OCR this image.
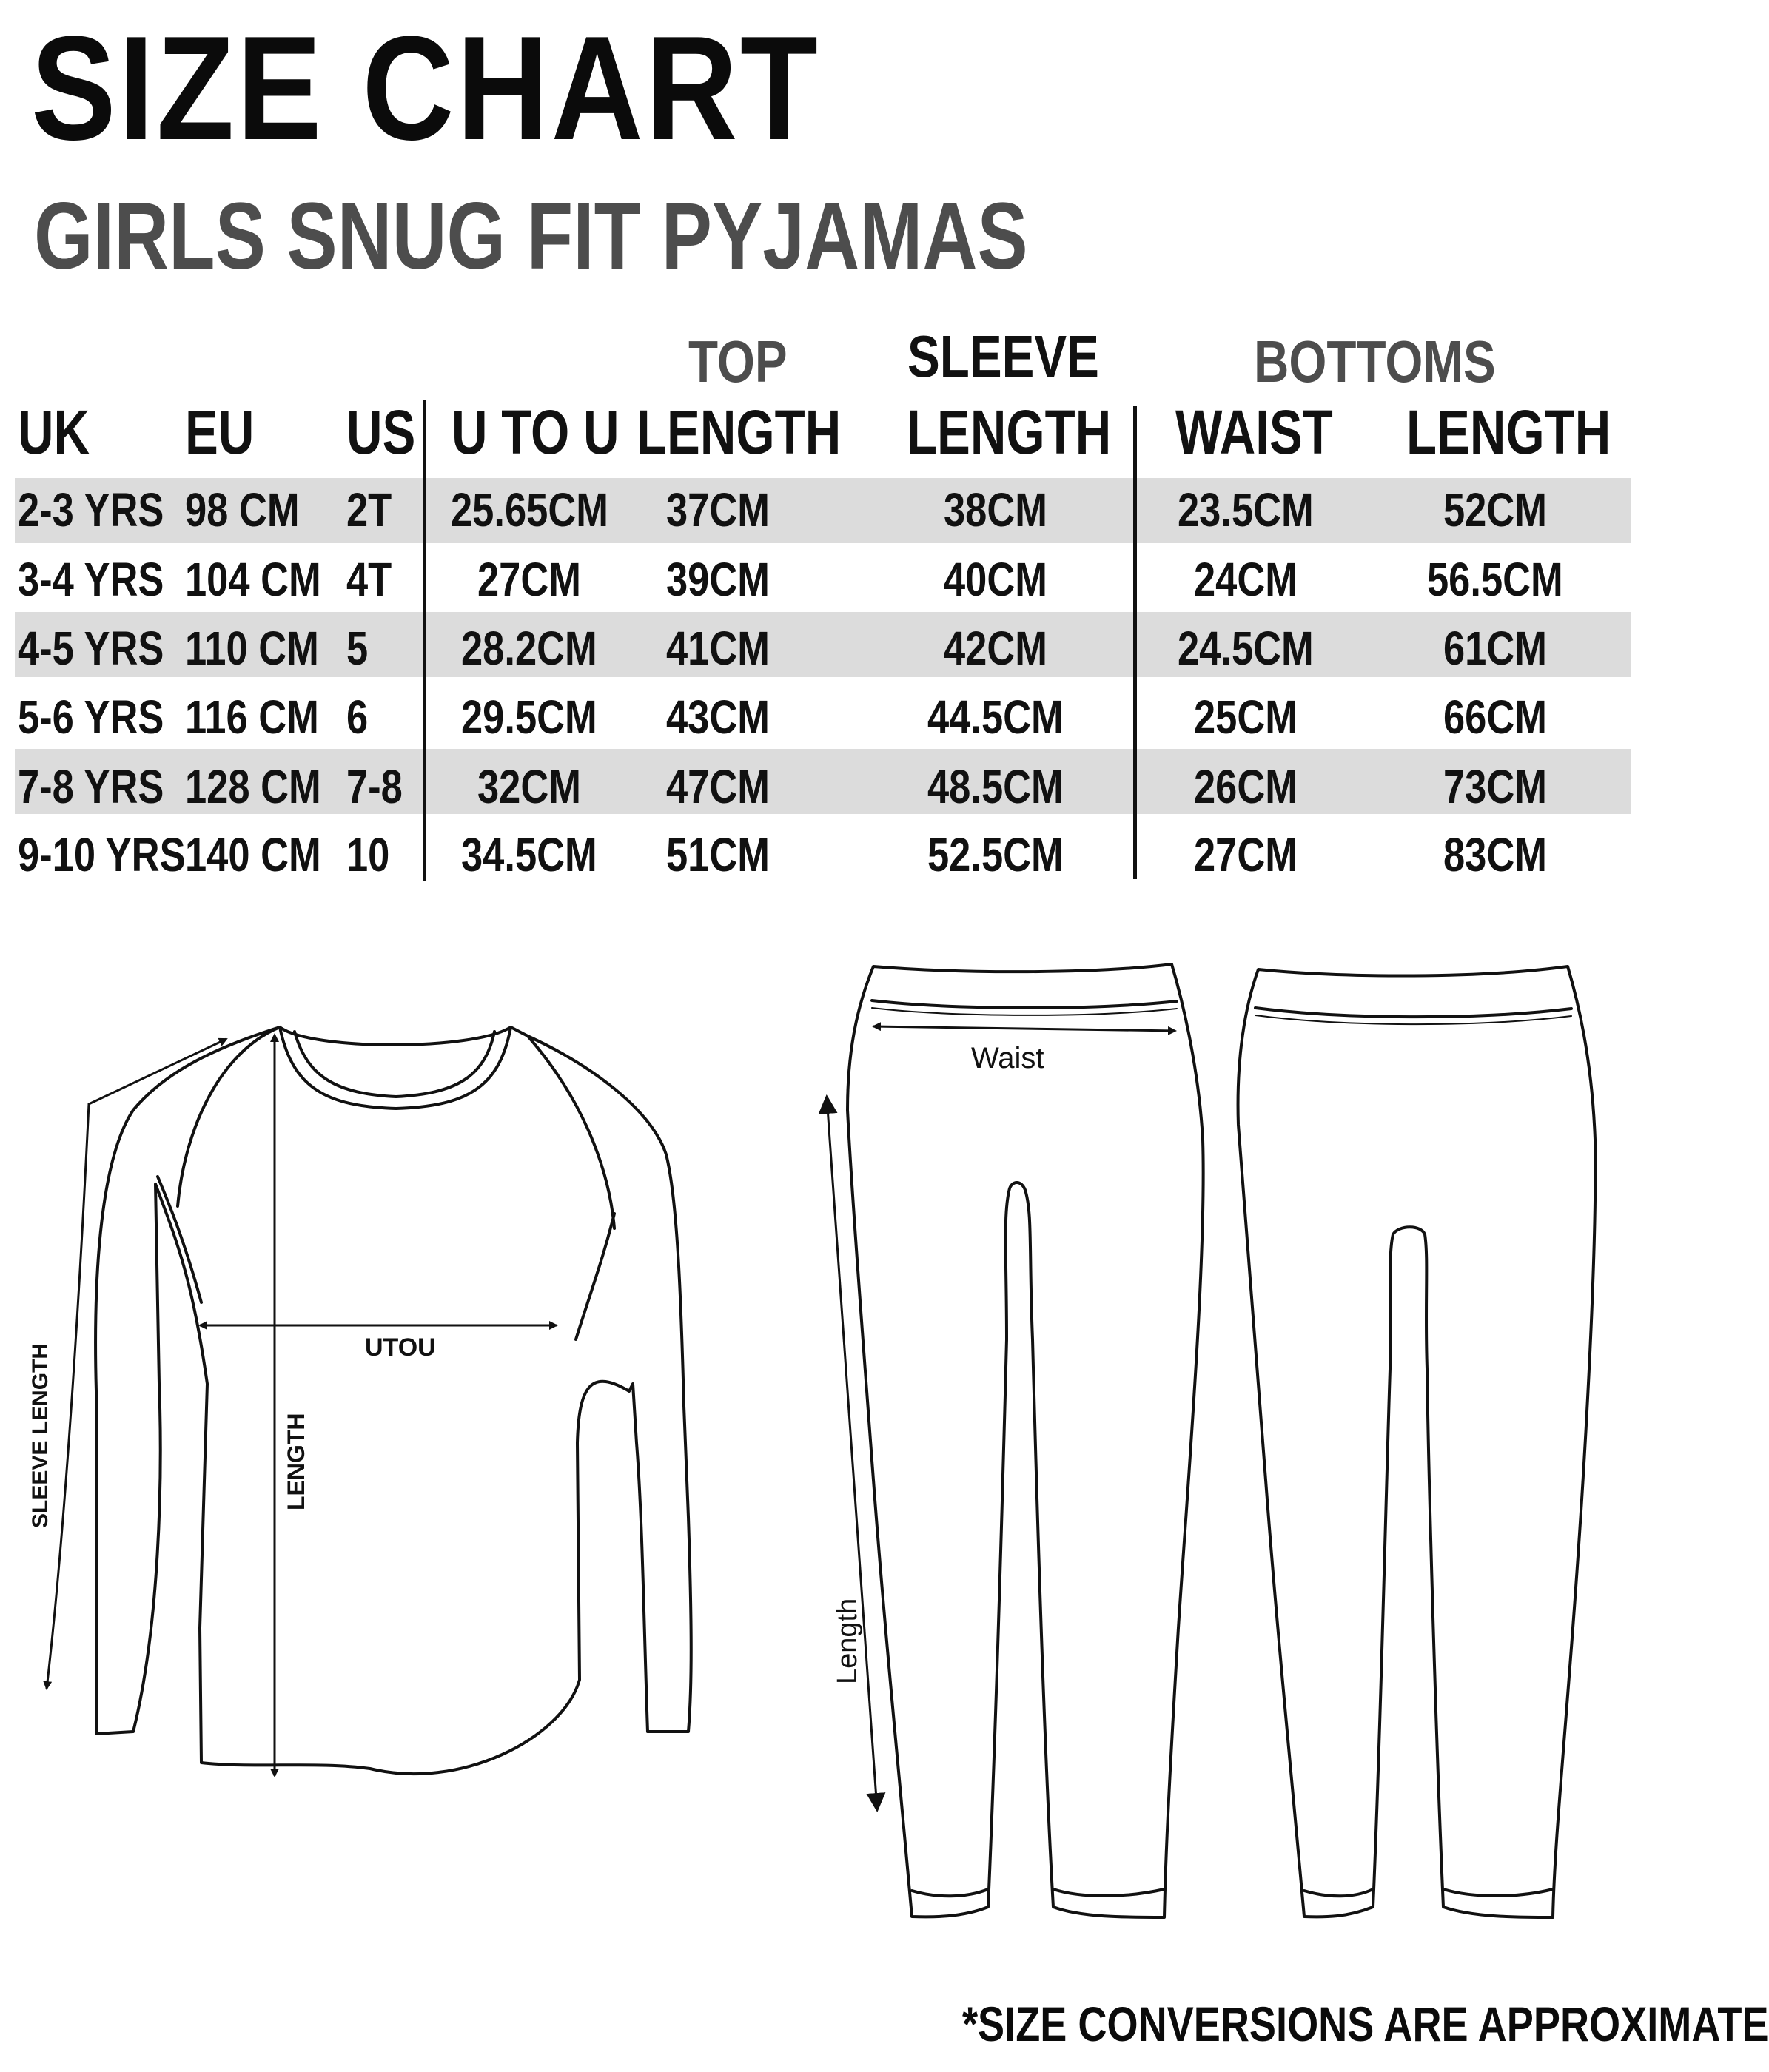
SIZE CHART
GIRLS SNUG FIT PYJAMAS
TOP SLEEVE	BOTTOMS
UK EU US U TO U LENGTH LENGTH WAIST LENGTH
2-3 YRS 98 CM 2T 25.65CM 37CM	38CM	23.5CM	52CM
3-4 YRS 104 CM 4T 27CM 39CM	40CM	24CM	56.5CM
4-5 YRS 110 CM 5 28.2CM 41CM	42CM	24.5CM	61CM
5-6 YRS 116 CM 6 29.5CM 43CM	44.5CM	25CM	66CM
7-8 YRS 128 CM 7-8 32CM 47CM	48.5CM	26CM	73CM
9-10 YRS 140 CM 10 34.5CM 51CM	52.5CM	27CM	83CM
UTOU
LENGTH
SLEEVE LENGTH
Waist
Length
*SIZE CONVERSIONS ARE APPROXIMATE
